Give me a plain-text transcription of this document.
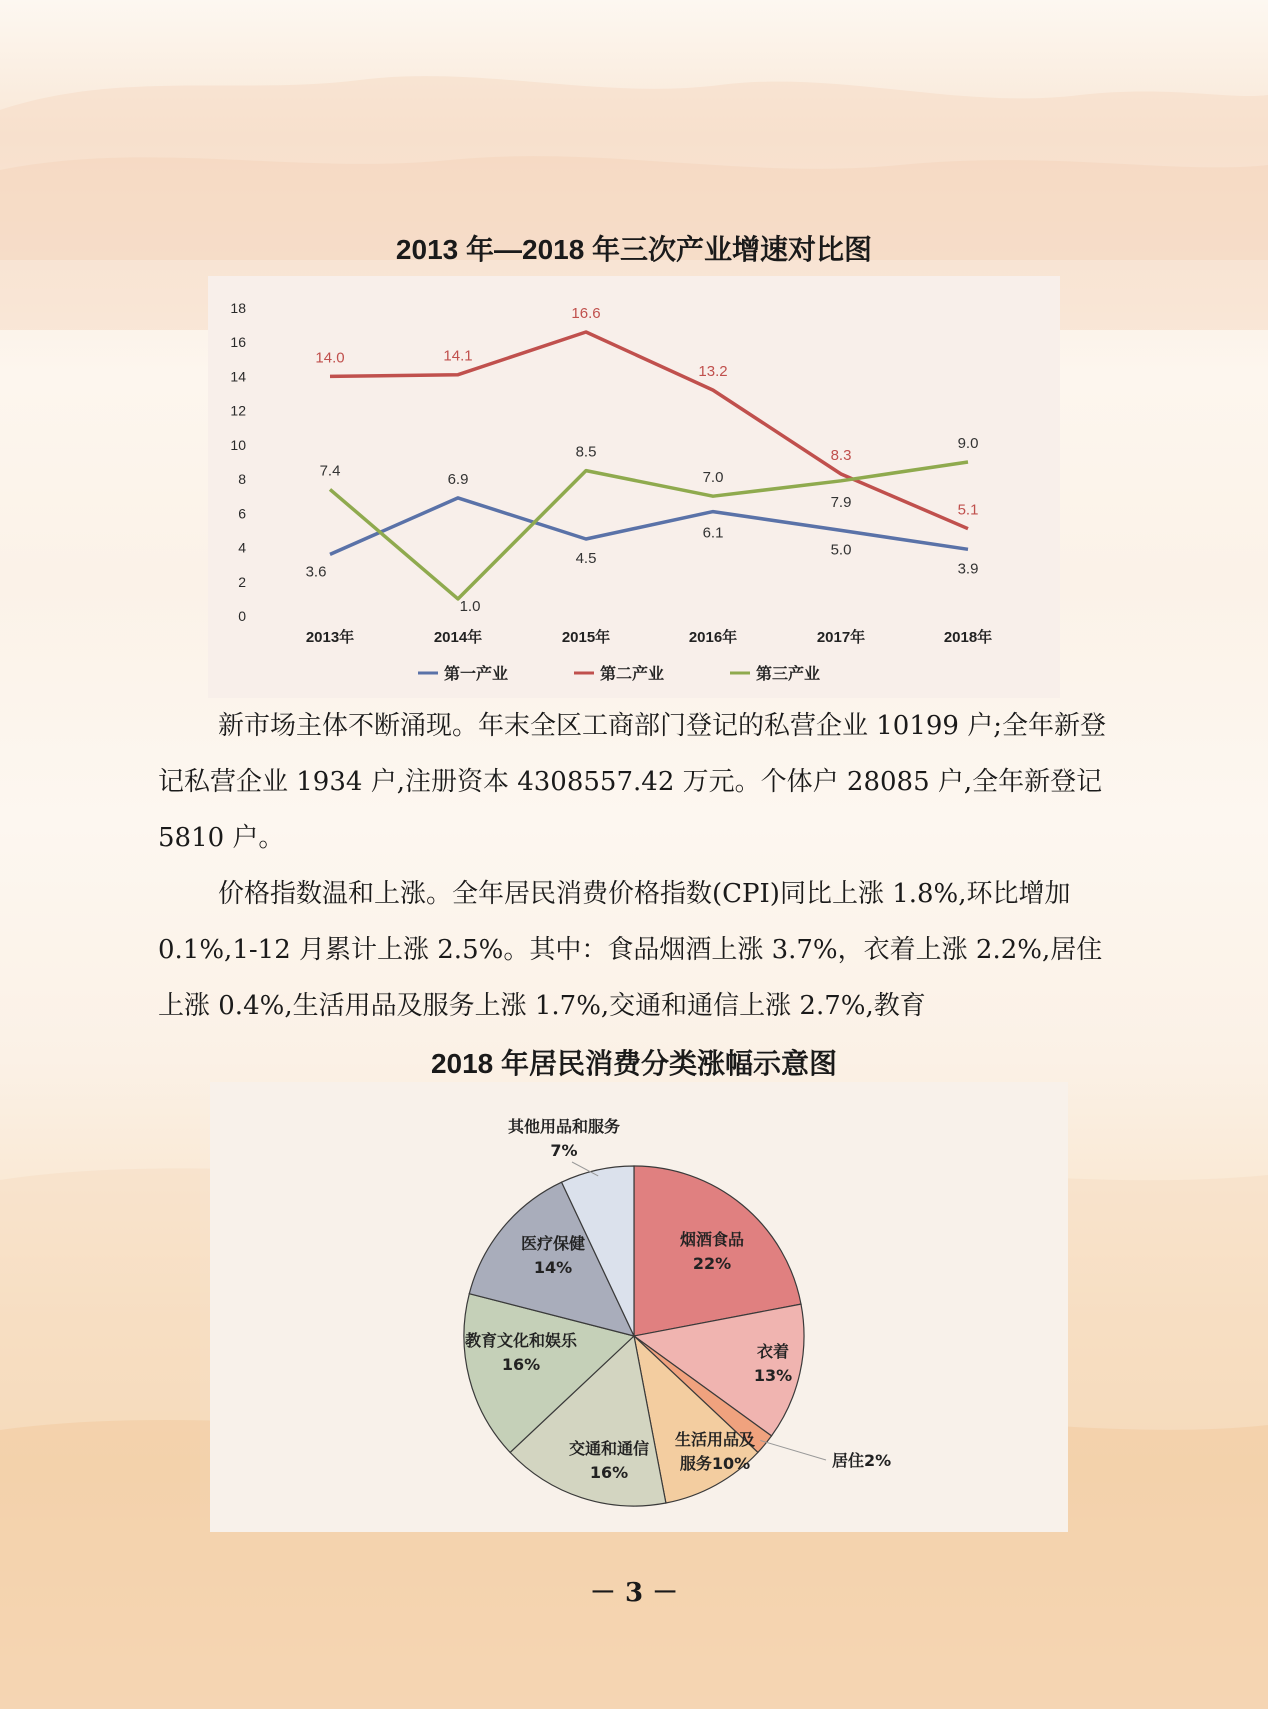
2013 年—2018 年三次产业增速对比图
0
2
4
6
8
10
12
14
16
18
2013年	2014年	2015年	2016年	2017年	2018年
3.6
6.9
4.5
6.1
5.0
3.9
14.0	14.1
16.6
13.2
8.3
5.1
7.4
1.0
8.5
7.0
7.9
9.0
第一产业	第二产业	第三产业

新市场主体不断涌现。年末全区工商部门登记的私营企业 10199 户;全年新登记私营企业 1934 户,注册资本 4308557.42 万元。个体户 28085 户,全年新登记 5810 户。

价格指数温和上涨。全年居民消费价格指数(CPI)同比上涨 1.8%,环比增加 0.1%,1-12 月累计上涨 2.5%。其中：食品烟酒上涨 3.7%，衣着上涨 2.2%,居住上涨 0.4%,生活用品及服务上涨 1.7%,交通和通信上涨 2.7%,教育

2018 年居民消费分类涨幅示意图
烟酒食品
22%
衣着
13%
居住2%
生活用品及
服务10%
交通和通信
16%
教育文化和娱乐
16%
医疗保健
14%
其他用品和服务
7%
－ 3 －
